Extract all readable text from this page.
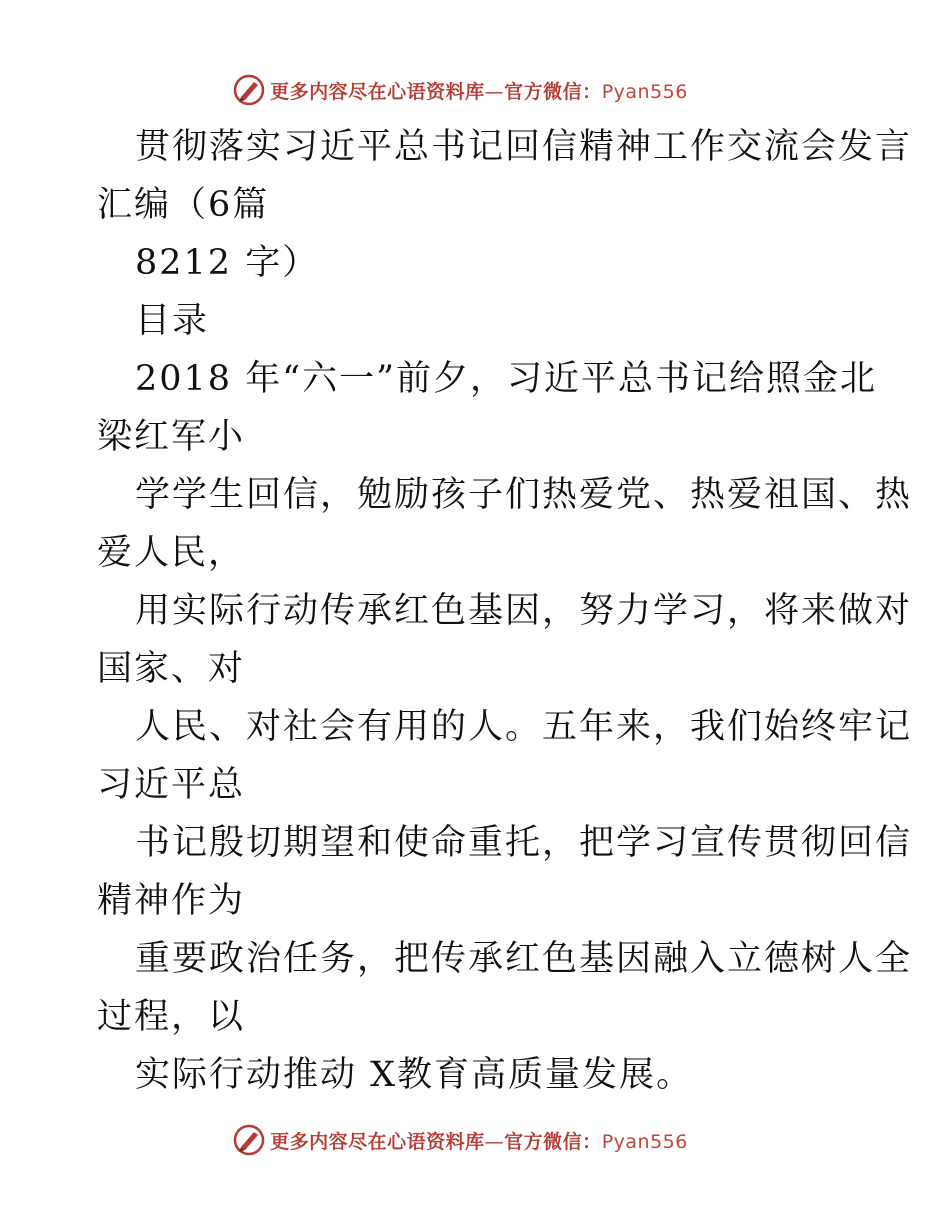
更多内容尽在心语资料库—官方微信：Pyan556
贯彻落实习近平总书记回信精神工作交流会发言
汇编（6篇
8212 字）
目录
2018 年“六一”前夕，习近平总书记给照金北
梁红军小
学学生回信，勉励孩子们热爱党、热爱祖国、热
爱人民，
用实际行动传承红色基因，努力学习，将来做对
国家、对
人民、对社会有用的人。五年来，我们始终牢记
习近平总
书记殷切期望和使命重托，把学习宣传贯彻回信
精神作为
重要政治任务，把传承红色基因融入立德树人全
过程，以
实际行动推动 X教育高质量发展。
更多内容尽在心语资料库—官方微信：Pyan556
